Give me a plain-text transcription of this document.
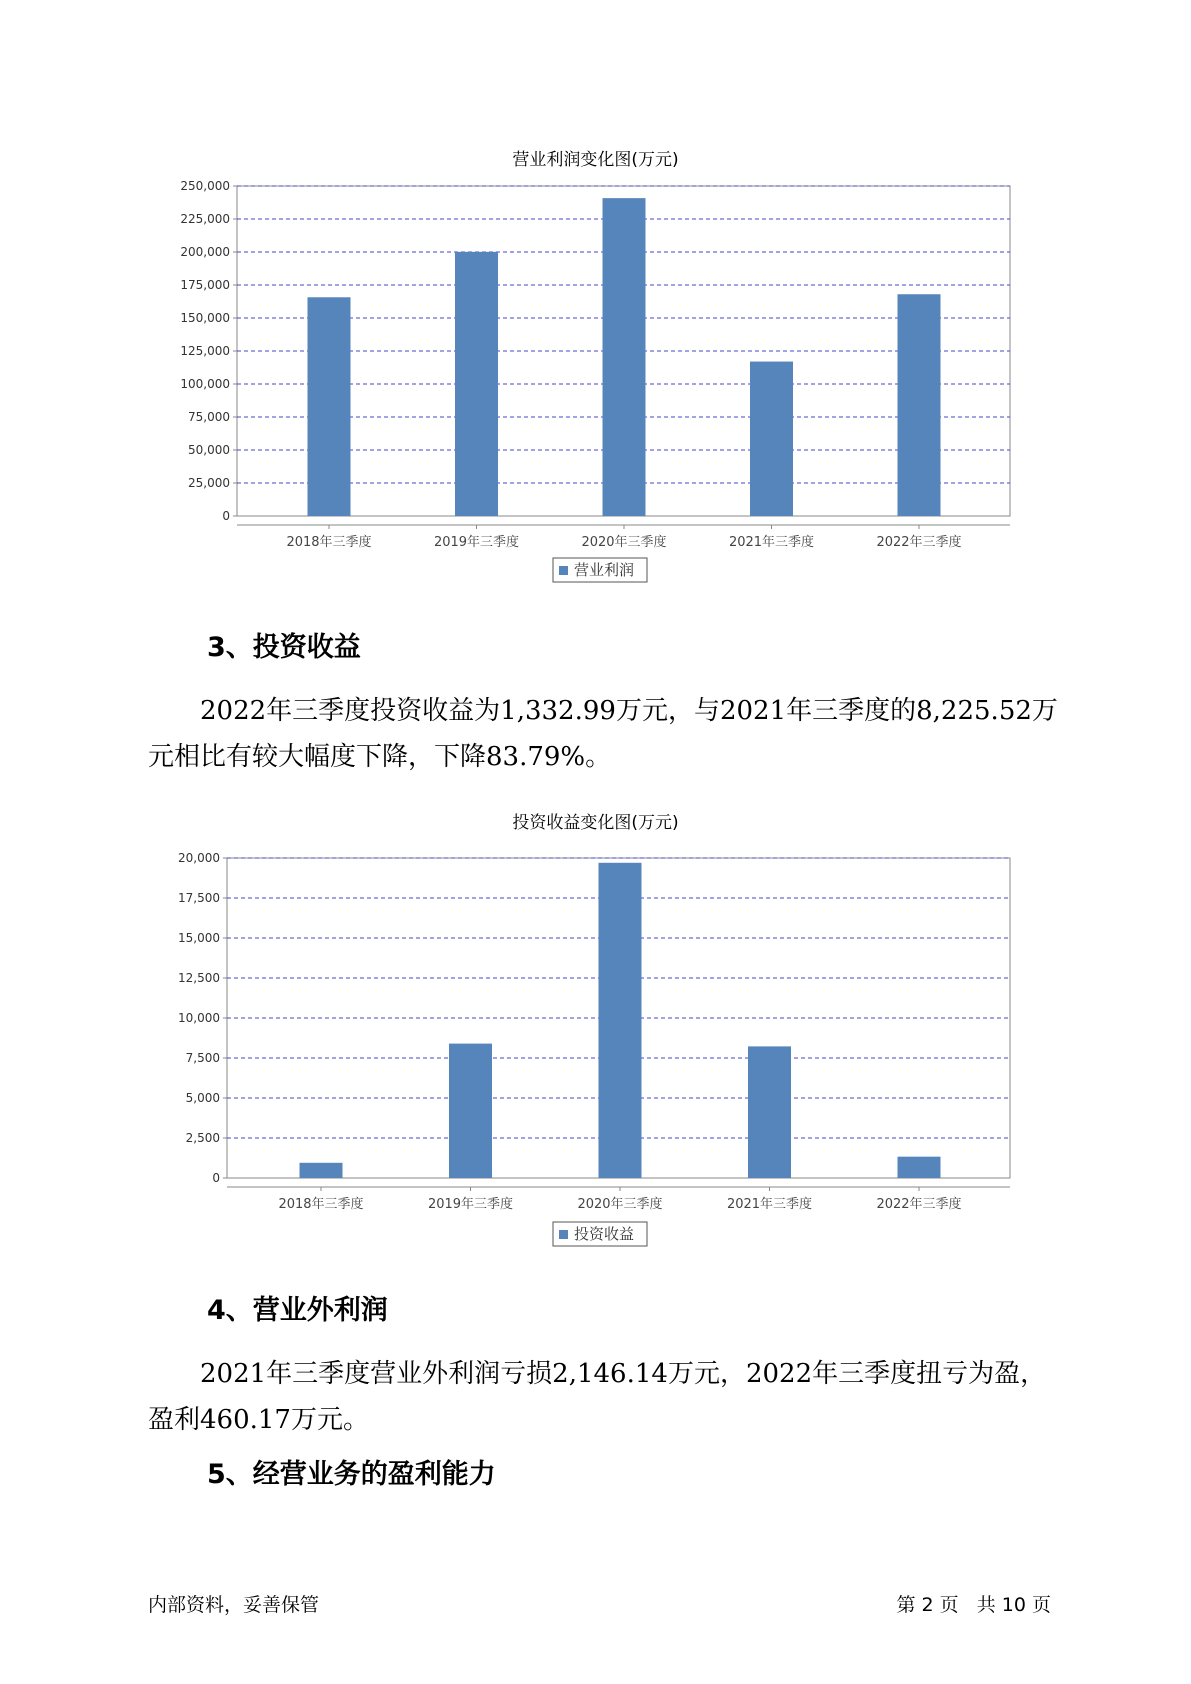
营业利润变化图(万元)
0
25,000
50,000
75,000
100,000
125,000
150,000
175,000
200,000
225,000
250,000
2018年三季度	2019年三季度	2020年三季度	2021年三季度	2022年三季度
营业利润
3、投资收益
2022年三季度投资收益为1,332.99万元，与2021年三季度的8,225.52万元相比有较大幅度下降，下降83.79%。
投资收益变化图(万元)
0
2,500
5,000
7,500
10,000
12,500
15,000
17,500
20,000
2018年三季度	2019年三季度	2020年三季度	2021年三季度	2022年三季度
投资收益
4、营业外利润
2021年三季度营业外利润亏损2,146.14万元，2022年三季度扭亏为盈，盈利460.17万元。
5、经营业务的盈利能力
内部资料，妥善保管	第 2 页   共 10 页
